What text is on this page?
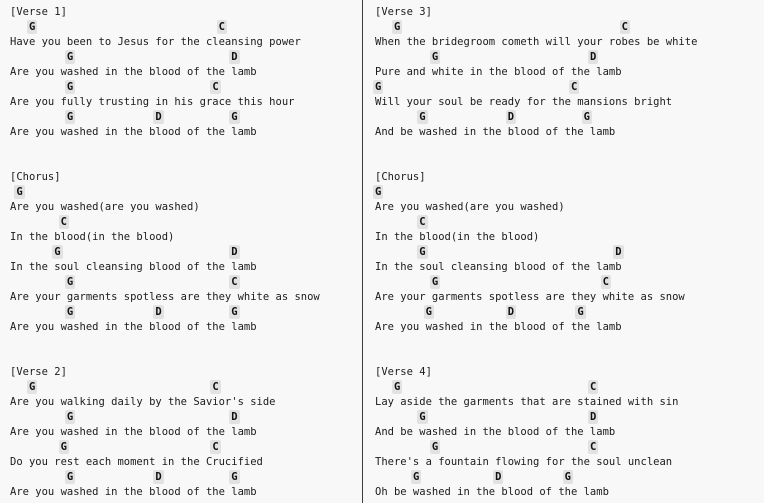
[Verse 1]
G	C
Have you been to Jesus for the cleansing power
G	D
Are you washed in the blood of the lamb
G	C
Are you fully trusting in his grace this hour
G	D	G
Are you washed in the blood of the lamb
[Chorus]
G
Are you washed(are you washed)
C
In the blood(in the blood)
G	D
In the soul cleansing blood of the lamb
G	C
Are your garments spotless are they white as snow
G	D	G
Are you washed in the blood of the lamb
[Verse 2]
G	C
Are you walking daily by the Savior's side
G	D
Are you washed in the blood of the lamb
G	C
Do you rest each moment in the Crucified
G	D	G
Are you washed in the blood of the lamb
[Verse 3]
G	C
When the bridegroom cometh will your robes be white
G	D
Pure and white in the blood of the lamb
G	C
Will your soul be ready for the mansions bright
G	D	G
And be washed in the blood of the lamb
[Chorus]
G
Are you washed(are you washed)
C
In the blood(in the blood)
G	D
In the soul cleansing blood of the lamb
G	C
Are your garments spotless are they white as snow
G	D	G
Are you washed in the blood of the lamb
[Verse 4]
G	C
Lay aside the garments that are stained with sin
G	D
And be washed in the blood of the lamb
G	C
There's a fountain flowing for the soul unclean
G	D	G
Oh be washed in the blood of the lamb
